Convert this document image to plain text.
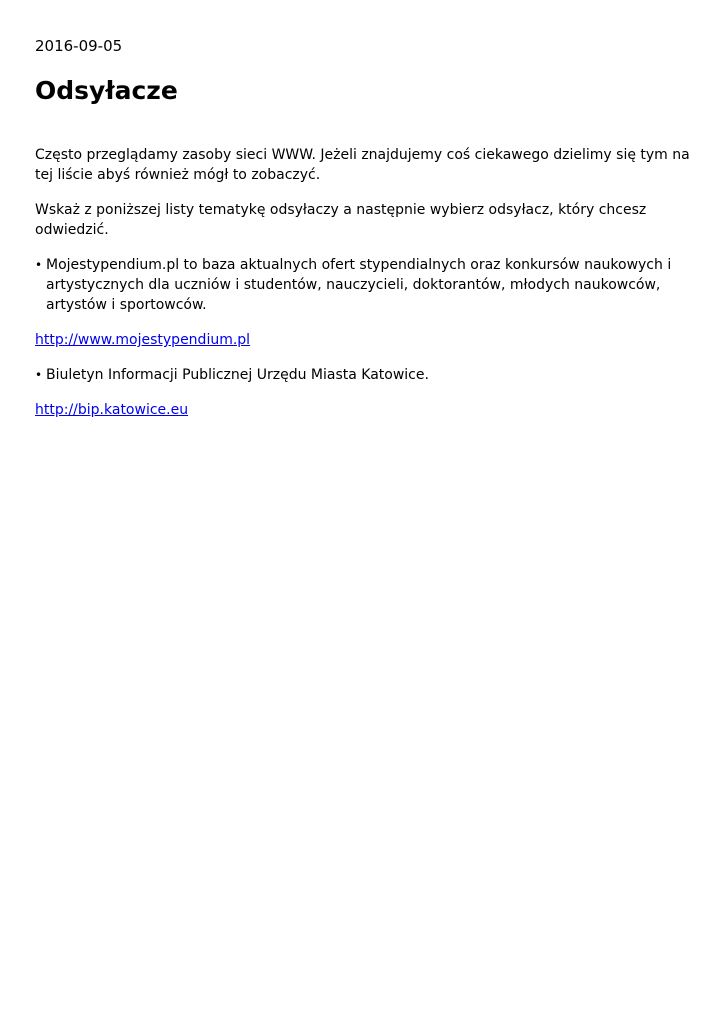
2016-09-05
Odsyłacze

Często przeglądamy zasoby sieci WWW. Jeżeli znajdujemy coś ciekawego dzielimy się tym na tej liście abyś również mógł to zobaczyć.

Wskaż z poniższej listy tematykę odsyłaczy a następnie wybierz odsyłacz, który chcesz odwiedzić.

• Mojestypendium.pl to baza aktualnych ofert stypendialnych oraz konkursów naukowych i artystycznych dla uczniów i studentów, nauczycieli, doktorantów, młodych naukowców, artystów i sportowców.

http://www.mojestypendium.pl

• Biuletyn Informacji Publicznej Urzędu Miasta Katowice.

http://bip.katowice.eu
